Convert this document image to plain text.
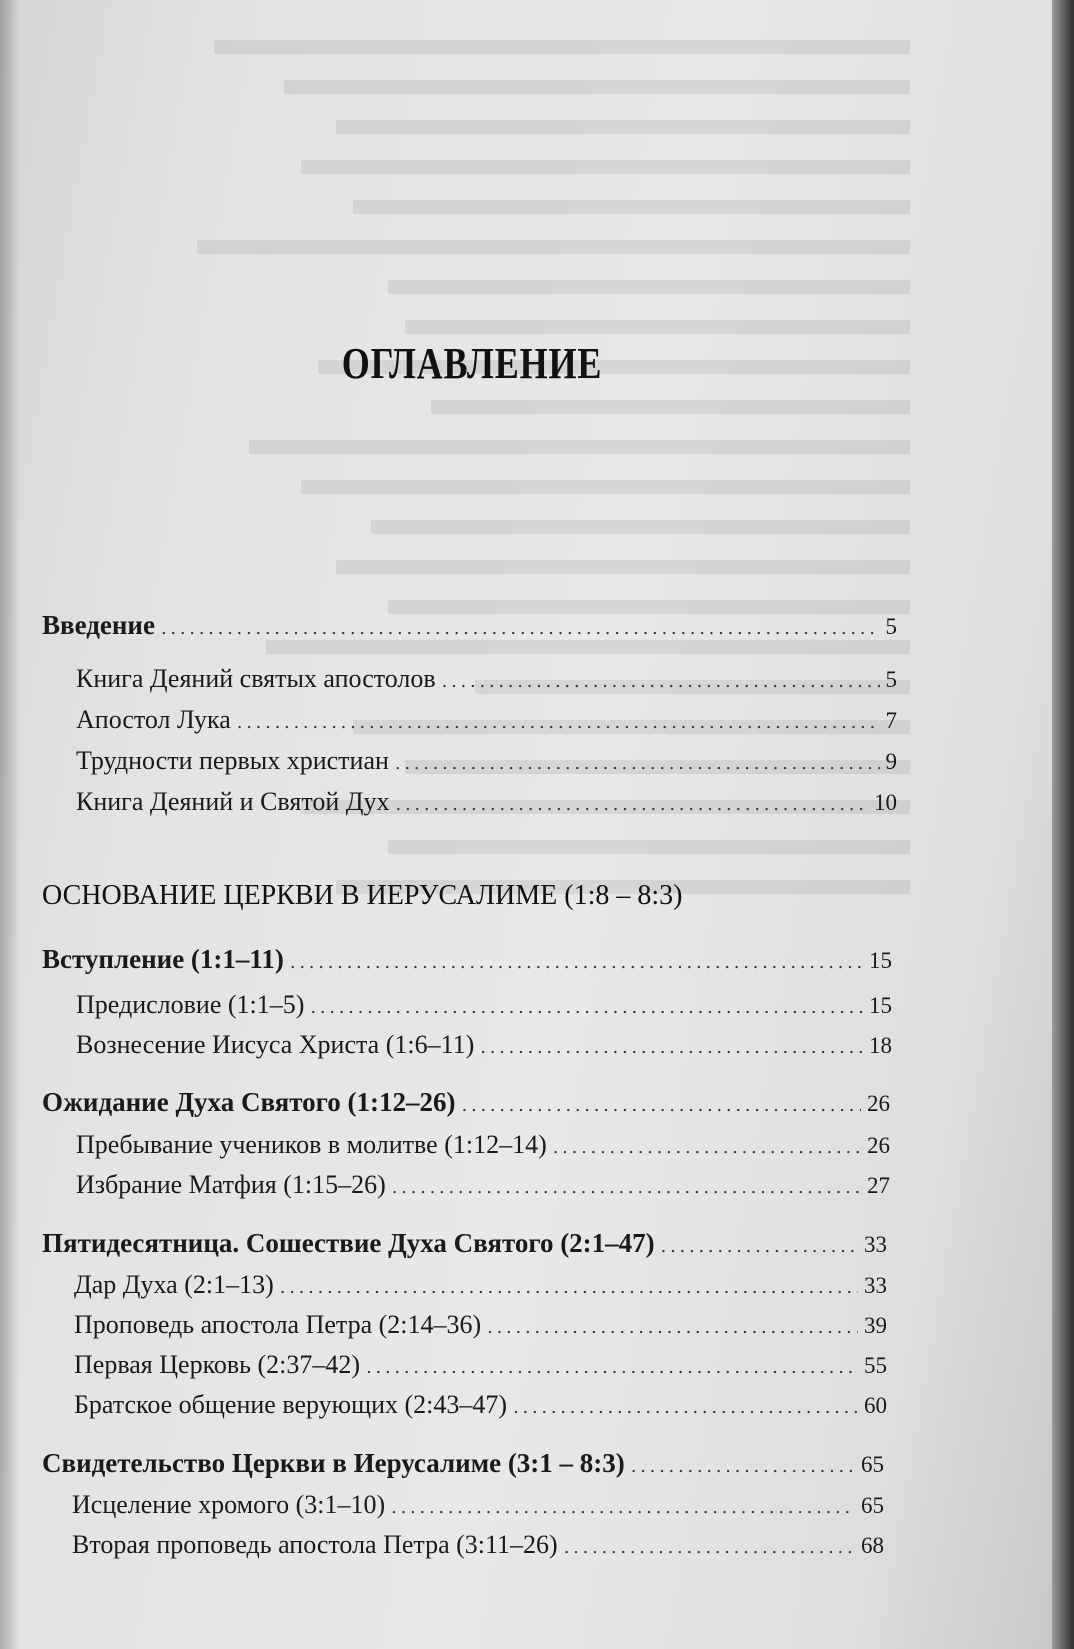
ОГЛАВЛЕНИЕ
Введение . . .	5
Книга Деяний святых апостолов . . .	5
Апостол Лука . . .	7
Трудности первых христиан . . .	9
Книга Деяний и Святой Дух . . .	10
ОСНОВАНИЕ ЦЕРКВИ В ИЕРУСАЛИМЕ (1:8 – 8:3)
Вступление (1:1–11) . . .	15
Предисловие (1:1–5) . . .	15
Вознесение Иисуса Христа (1:6–11) . . .	18
Ожидание Духа Святого (1:12–26) . . .	26
Пребывание учеников в молитве (1:12–14) . . .	26
Избрание Матфия (1:15–26) . . .	27
Пятидесятница. Сошествие Духа Святого (2:1–47) . . .	33
Дар Духа (2:1–13) . . .	33
Проповедь апостола Петра (2:14–36) . . .	39
Первая Церковь (2:37–42) . . .	55
Братское общение верующих (2:43–47) . . .	60
Свидетельство Церкви в Иерусалиме (3:1 – 8:3) . . .	65
Исцеление хромого (3:1–10) . . .	65
Вторая проповедь апостола Петра (3:11–26) . . .	68
